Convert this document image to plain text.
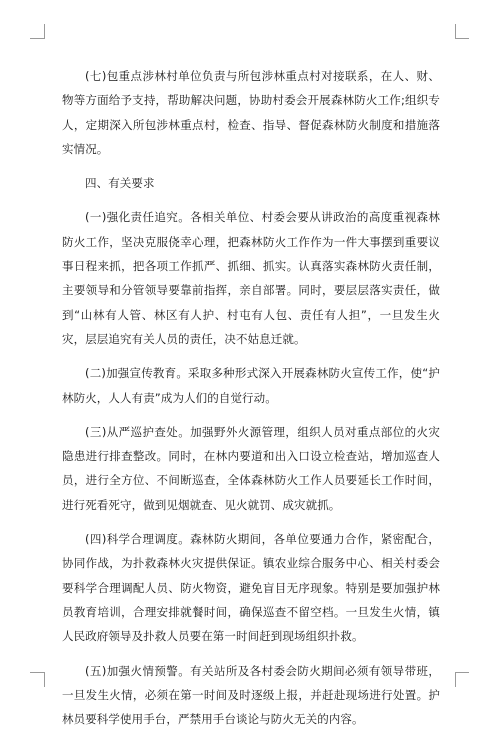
(七)包重点涉林村单位负责与所包涉林重点村对接联系，在人、财、物等方面给予支持，帮助解决问题，协助村委会开展森林防火工作;组织专人，定期深入所包涉林重点村，检查、指导、督促森林防火制度和措施落实情况。

四、有关要求

(一)强化责任追究。各相关单位、村委会要从讲政治的高度重视森林防火工作，坚决克服侥幸心理，把森林防火工作作为一件大事摆到重要议事日程来抓，把各项工作抓严、抓细、抓实。认真落实森林防火责任制，主要领导和分管领导要靠前指挥，亲自部署。同时，要层层落实责任，做到“山林有人管、林区有人护、村屯有人包、责任有人担”，一旦发生火灾，层层追究有关人员的责任，决不姑息迁就。

(二)加强宣传教育。采取多种形式深入开展森林防火宣传工作，使“护林防火，人人有责”成为人们的自觉行动。

(三)从严巡护查处。加强野外火源管理，组织人员对重点部位的火灾隐患进行排查整改。同时，在林内要道和出入口设立检查站，增加巡查人员，进行全方位、不间断巡查，全体森林防火工作人员要延长工作时间，进行死看死守，做到见烟就查、见火就罚、成灾就抓。

(四)科学合理调度。森林防火期间，各单位要通力合作，紧密配合，协同作战，为扑救森林火灾提供保证。镇农业综合服务中心、相关村委会要科学合理调配人员、防火物资，避免盲目无序现象。特别是要加强护林员教育培训，合理安排就餐时间，确保巡查不留空档。一旦发生火情，镇人民政府领导及扑救人员要在第一时间赶到现场组织扑救。

(五)加强火情预警。有关站所及各村委会防火期间必须有领导带班，一旦发生火情，必须在第一时间及时逐级上报，并赶赴现场进行处置。护林员要科学使用手台，严禁用手台谈论与防火无关的内容。
